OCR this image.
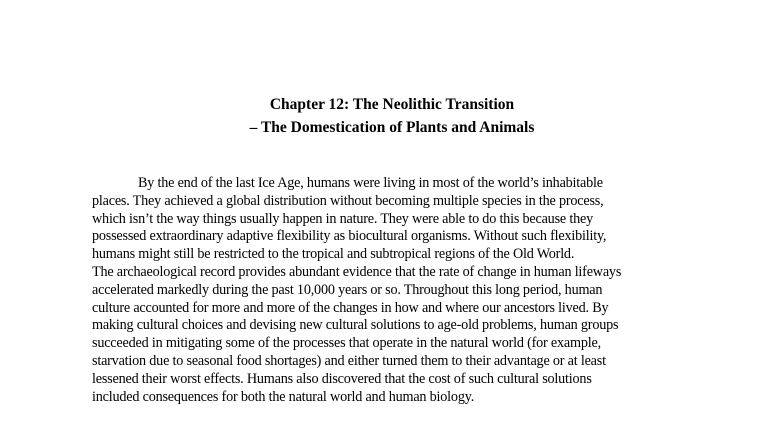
Chapter 12: The Neolithic Transition
– The Domestication of Plants and Animals
By the end of the last Ice Age, humans were living in most of the world’s inhabitable
places. They achieved a global distribution without becoming multiple species in the process,
which isn’t the way things usually happen in nature. They were able to do this because they
possessed extraordinary adaptive flexibility as biocultural organisms. Without such flexibility,
humans might still be restricted to the tropical and subtropical regions of the Old World.
The archaeological record provides abundant evidence that the rate of change in human lifeways
accelerated markedly during the past 10,000 years or so. Throughout this long period, human
culture accounted for more and more of the changes in how and where our ancestors lived. By
making cultural choices and devising new cultural solutions to age-old problems, human groups
succeeded in mitigating some of the processes that operate in the natural world (for example,
starvation due to seasonal food shortages) and either turned them to their advantage or at least
lessened their worst effects. Humans also discovered that the cost of such cultural solutions
included consequences for both the natural world and human biology.
